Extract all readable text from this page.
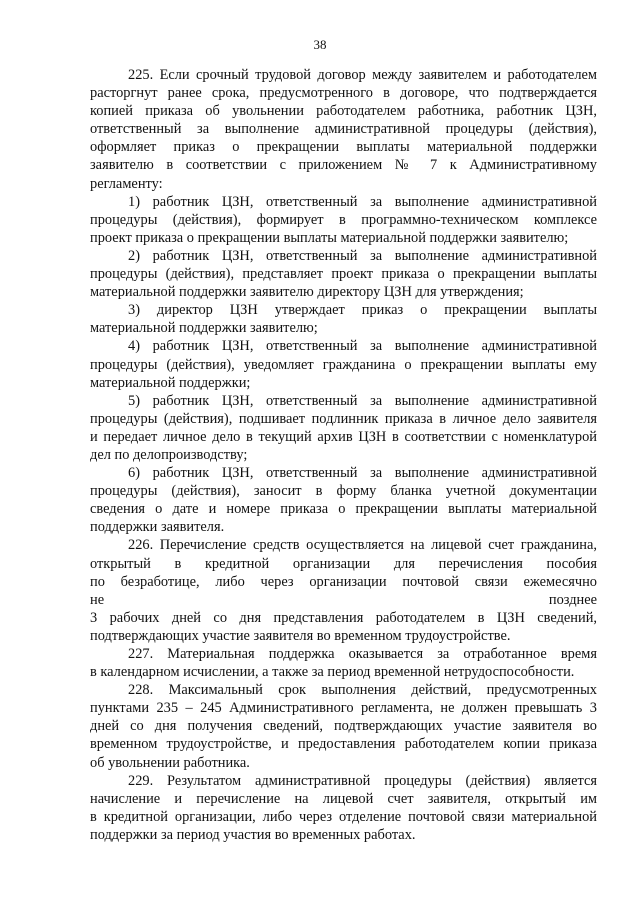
38
225. Если срочный трудовой договор между заявителем и работодателем
расторгнут ранее срока, предусмотренного в договоре, что подтверждается
копией приказа об увольнении работодателем работника, работник ЦЗН,
ответственный за выполнение административной процедуры (действия),
оформляет приказ о прекращении выплаты материальной поддержки
заявителю в соответствии с приложением № 7 к Административному
регламенту:
1) работник ЦЗН, ответственный за выполнение административной
процедуры (действия), формирует в программно-техническом комплексе
проект приказа о прекращении выплаты материальной поддержки заявителю;
2) работник ЦЗН, ответственный за выполнение административной
процедуры (действия), представляет проект приказа о прекращении выплаты
материальной поддержки заявителю директору ЦЗН для утверждения;
3) директор ЦЗН утверждает приказ о прекращении выплаты
материальной поддержки заявителю;
4) работник ЦЗН, ответственный за выполнение административной
процедуры (действия), уведомляет гражданина о прекращении выплаты ему
материальной поддержки;
5) работник ЦЗН, ответственный за выполнение административной
процедуры (действия), подшивает подлинник приказа в личное дело заявителя
и передает личное дело в текущий архив ЦЗН в соответствии с номенклатурой
дел по делопроизводству;
6) работник ЦЗН, ответственный за выполнение административной
процедуры (действия), заносит в форму бланка учетной документации
сведения о дате и номере приказа о прекращении выплаты материальной
поддержки заявителя.
226. Перечисление средств осуществляется на лицевой счет гражданина,
открытый в кредитной организации для перечисления пособия
по безработице, либо через организации почтовой связи ежемесячно
не	позднее
3 рабочих дней со дня представления работодателем в ЦЗН сведений,
подтверждающих участие заявителя во временном трудоустройстве.
227. Материальная поддержка оказывается за отработанное время
в календарном исчислении, а также за период временной нетрудоспособности.
228. Максимальный срок выполнения действий, предусмотренных
пунктами 235 – 245 Административного регламента, не должен превышать 3
дней со дня получения сведений, подтверждающих участие заявителя во
временном трудоустройстве, и предоставления работодателем копии приказа
об увольнении работника.
229. Результатом административной процедуры (действия) является
начисление и перечисление на лицевой счет заявителя, открытый им
в кредитной организации, либо через отделение почтовой связи материальной
поддержки за период участия во временных работах.
